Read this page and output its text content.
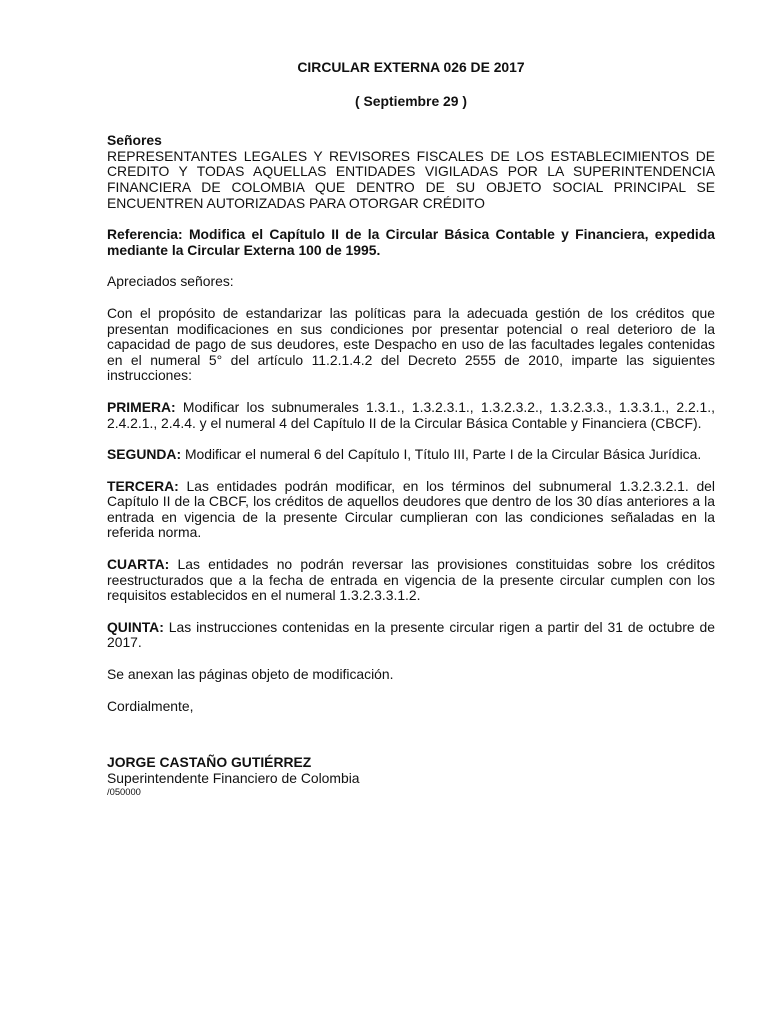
CIRCULAR EXTERNA 026 DE 2017

( Septiembre 29 )

Señores

REPRESENTANTES LEGALES Y REVISORES FISCALES DE LOS ESTABLECIMIENTOS DE CREDITO Y TODAS AQUELLAS ENTIDADES VIGILADAS POR LA SUPERINTENDENCIA FINANCIERA DE COLOMBIA QUE DENTRO DE SU OBJETO SOCIAL PRINCIPAL SE ENCUENTREN AUTORIZADAS PARA OTORGAR CRÉDITO

Referencia: Modifica el Capítulo II de la Circular Básica Contable y Financiera, expedida mediante la Circular Externa 100 de 1995.

Apreciados señores:

Con el propósito de estandarizar las políticas para la adecuada gestión de los créditos que presentan modificaciones en sus condiciones por presentar potencial o real deterioro de la capacidad de pago de sus deudores, este Despacho en uso de las facultades legales contenidas en el numeral 5° del artículo 11.2.1.4.2 del Decreto 2555 de 2010, imparte las siguientes instrucciones:

PRIMERA: Modificar los subnumerales 1.3.1., 1.3.2.3.1., 1.3.2.3.2., 1.3.2.3.3., 1.3.3.1., 2.2.1., 2.4.2.1., 2.4.4. y el numeral 4 del Capítulo II de la Circular Básica Contable y Financiera (CBCF).

SEGUNDA: Modificar el numeral 6 del Capítulo I, Título III, Parte I de la Circular Básica Jurídica.

TERCERA: Las entidades podrán modificar, en los términos del subnumeral 1.3.2.3.2.1. del Capítulo II de la CBCF, los créditos de aquellos deudores que dentro de los 30 días anteriores a la entrada en vigencia de la presente Circular cumplieran con las condiciones señaladas en la referida norma.

CUARTA: Las entidades no podrán reversar las provisiones constituidas sobre los créditos reestructurados que a la fecha de entrada en vigencia de la presente circular cumplen con los requisitos establecidos en el numeral 1.3.2.3.3.1.2.

QUINTA: Las instrucciones contenidas en la presente circular rigen a partir del 31 de octubre de 2017.

Se anexan las páginas objeto de modificación.

Cordialmente,

JORGE CASTAÑO GUTIÉRREZ

Superintendente Financiero de Colombia

/050000
